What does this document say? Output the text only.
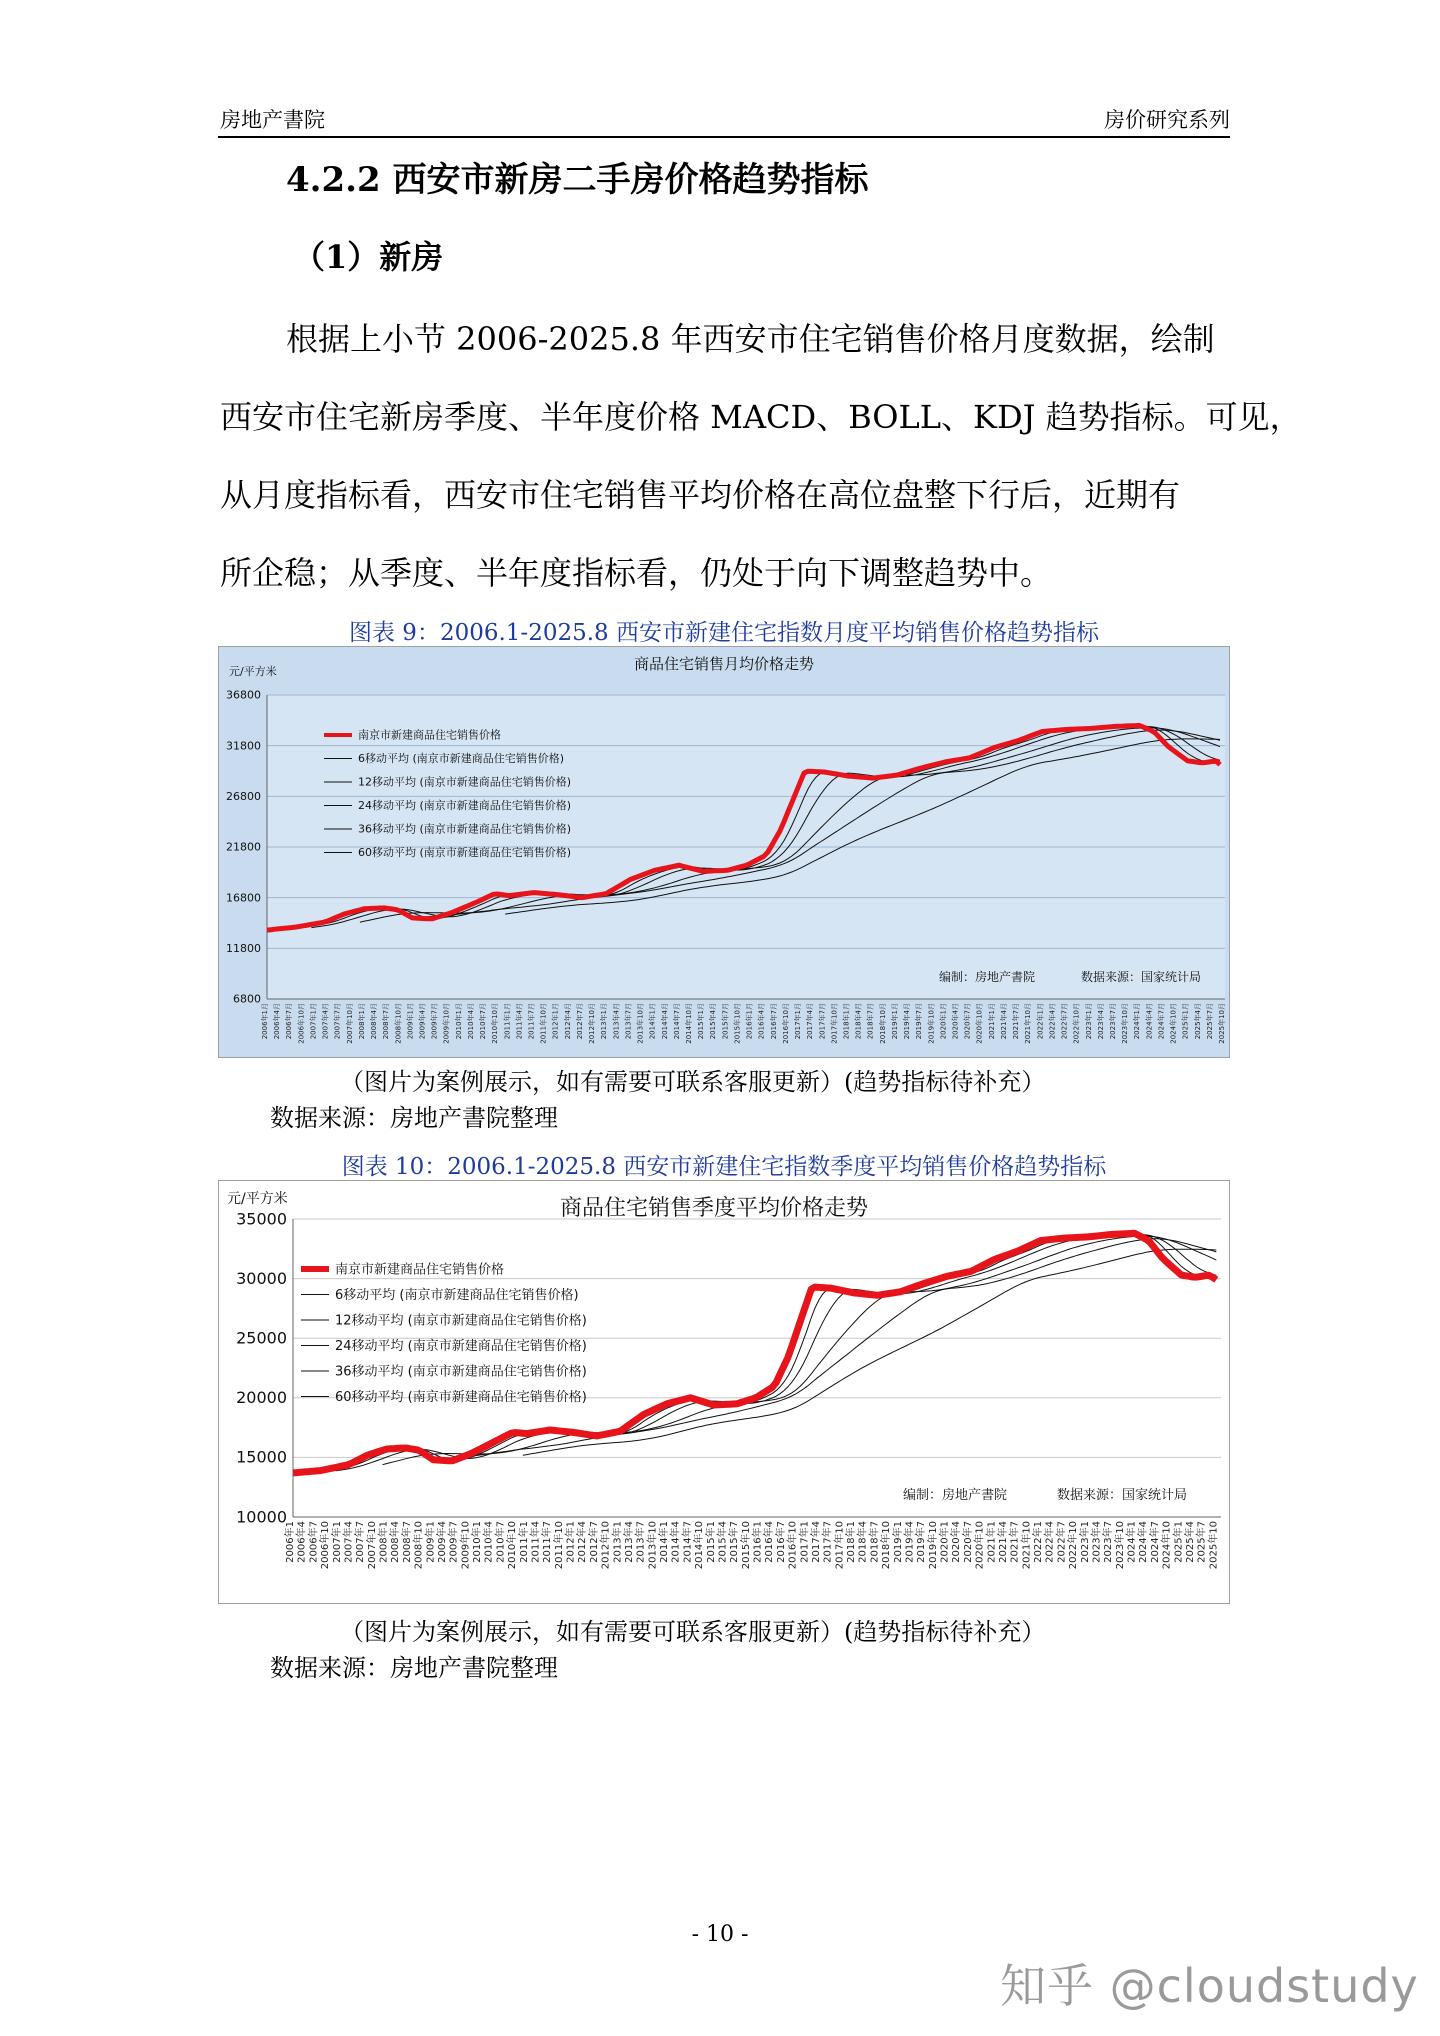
房地产書院	房价研究系列
4.2.2 西安市新房二手房价格趋势指标
（1）新房
根据上小节 2006-2025.8 年西安市住宅销售价格月度数据，绘制
西安市住宅新房季度、半年度价格 MACD、BOLL、KDJ 趋势指标。可见，
从月度指标看，西安市住宅销售平均价格在高位盘整下行后，近期有
所企稳；从季度、半年度指标看，仍处于向下调整趋势中。
图表 9：2006.1-2025.8 西安市新建住宅指数月度平均销售价格趋势指标
商品住宅销售月均价格走势
元/平方米
6800
11800
16800
21800
26800
31800
36800
2006年1月 2006年4月 2006年7月 2006年10月 2007年1月 2007年4月 2007年7月 2007年10月 2008年1月 2008年4月 2008年7月 2008年10月 2009年1月 2009年4月 2009年7月 2009年10月 2010年1月 2010年4月 2010年7月 2010年10月 2011年1月 2011年4月 2011年7月 2011年10月 2012年1月 2012年4月 2012年7月 2012年10月 2013年1月 2013年4月 2013年7月 2013年10月 2014年1月 2014年4月 2014年7月 2014年10月 2015年1月 2015年4月 2015年7月 2015年10月 2016年1月 2016年4月 2016年7月 2016年10月 2017年1月 2017年4月 2017年7月 2017年10月 2018年1月 2018年4月 2018年7月 2018年10月 2019年1月 2019年4月 2019年7月 2019年10月 2020年1月 2020年4月 2020年7月 2020年10月 2021年1月 2021年4月 2021年7月 2021年10月 2022年1月 2022年4月 2022年7月 2022年10月 2023年1月 2023年4月 2023年7月 2023年10月 2024年1月 2024年4月 2024年7月 2024年10月 2025年1月 2025年4月 2025年7月 2025年10月
南京市新建商品住宅销售价格
6移动平均 (南京市新建商品住宅销售价格)
12移动平均 (南京市新建商品住宅销售价格)
24移动平均 (南京市新建商品住宅销售价格)
36移动平均 (南京市新建商品住宅销售价格)
60移动平均 (南京市新建商品住宅销售价格)
编制：房地产書院	数据来源：国家统计局
（图片为案例展示，如有需要可联系客服更新）(趋势指标待补充）
数据来源：房地产書院整理
图表 10：2006.1-2025.8 西安市新建住宅指数季度平均销售价格趋势指标
商品住宅销售季度平均价格走势
元/平方米
10000
15000
20000
25000
30000
35000
2006年1 2006年4 2006年7 2006年10 2007年1 2007年4 2007年7 2007年10 2008年1 2008年4 2008年7 2008年10 2009年1 2009年4 2009年7 2009年10 2010年1 2010年4 2010年7 2010年10 2011年1 2011年4 2011年7 2011年10 2012年1 2012年4 2012年7 2012年10 2013年1 2013年4 2013年7 2013年10 2014年1 2014年4 2014年7 2014年10 2015年1 2015年4 2015年7 2015年10 2016年1 2016年4 2016年7 2016年10 2017年1 2017年4 2017年7 2017年10 2018年1 2018年4 2018年7 2018年10 2019年1 2019年4 2019年7 2019年10 2020年1 2020年4 2020年7 2020年10 2021年1 2021年4 2021年7 2021年10 2022年1 2022年4 2022年7 2022年10 2023年1 2023年4 2023年7 2023年10 2024年1 2024年4 2024年7 2024年10 2025年1 2025年4 2025年7 2025年10
南京市新建商品住宅销售价格
6移动平均 (南京市新建商品住宅销售价格)
12移动平均 (南京市新建商品住宅销售价格)
24移动平均 (南京市新建商品住宅销售价格)
36移动平均 (南京市新建商品住宅销售价格)
60移动平均 (南京市新建商品住宅销售价格)
编制：房地产書院	数据来源：国家统计局
（图片为案例展示，如有需要可联系客服更新）(趋势指标待补充）
数据来源：房地产書院整理
- 10 -
知乎 @cloudstudy
